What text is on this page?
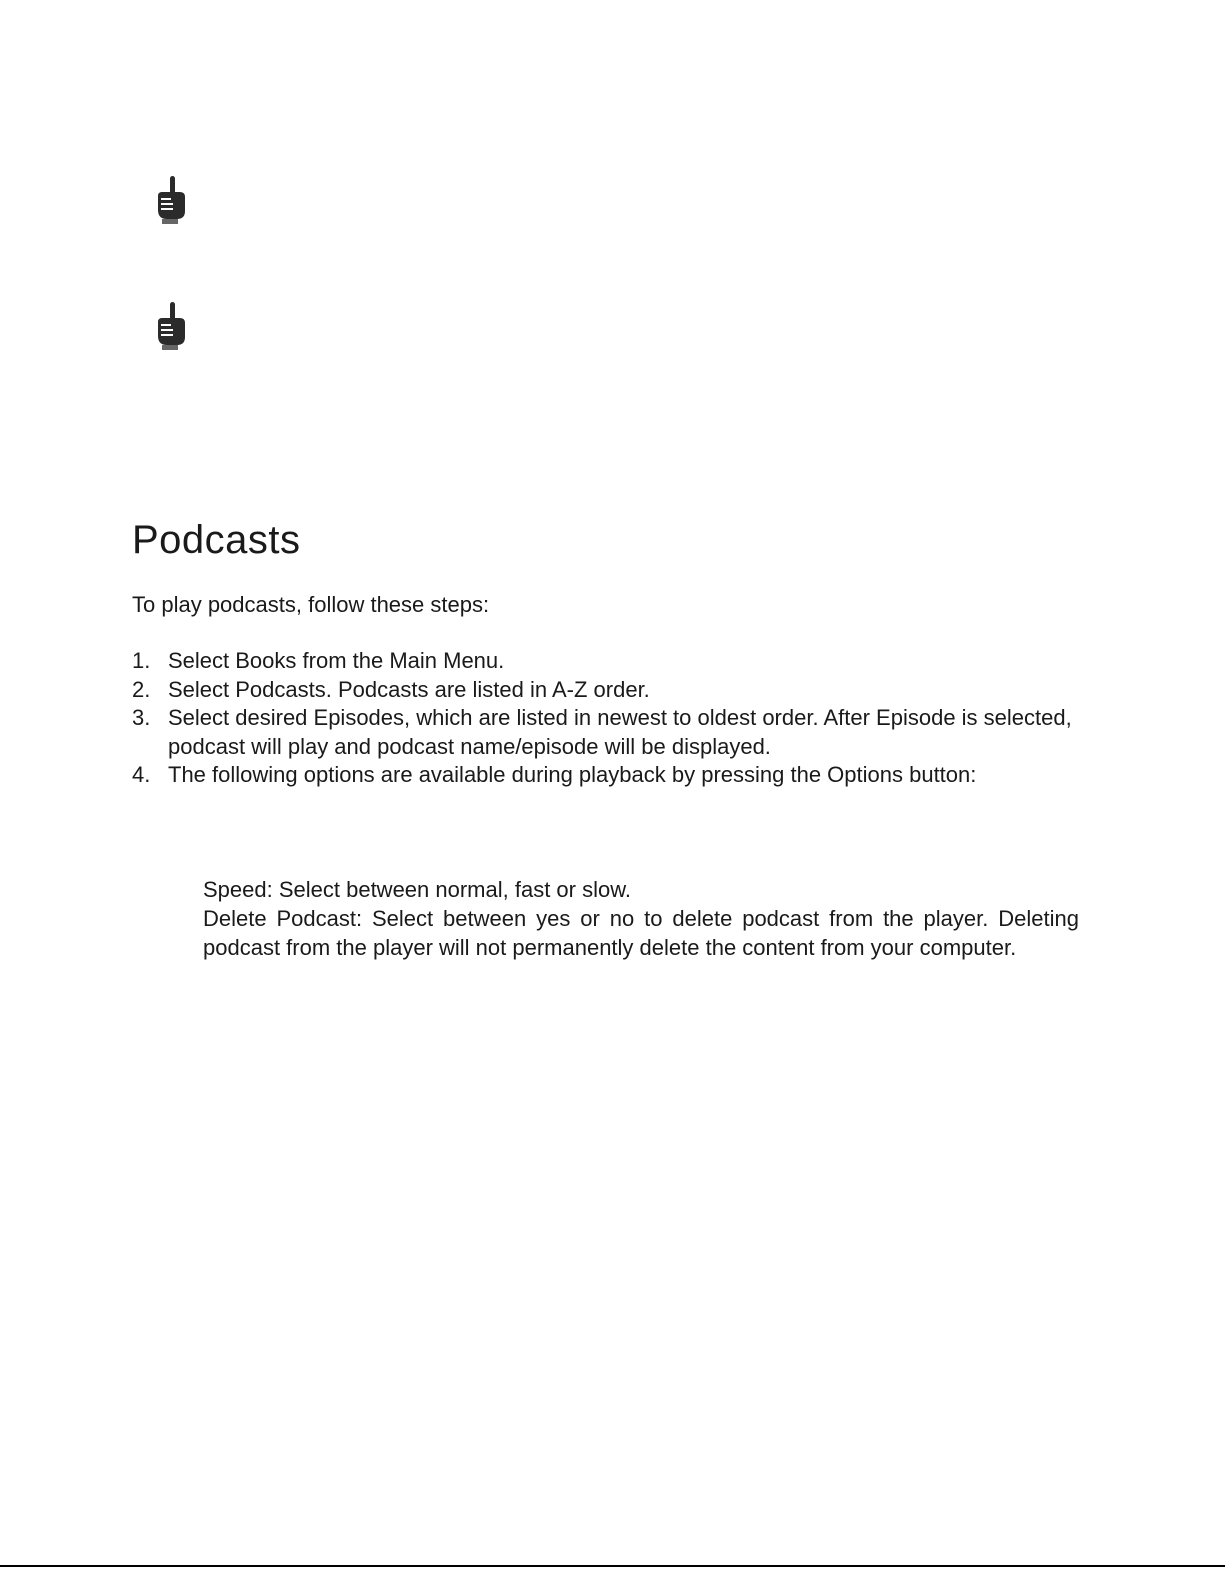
Podcasts

To play podcasts, follow these steps:

1. Select Books from the Main Menu.
2. Select Podcasts. Podcasts are listed in A-Z order.
3. Select desired Episodes, which are listed in newest to oldest order. After Episode is selected, podcast will play and podcast name/episode will be displayed.
4. The following options are available during playback by pressing the Options button:

Speed: Select between normal, fast or slow.

Delete Podcast: Select between yes or no to delete podcast from the player. Deleting podcast from the player will not permanently delete the content from your computer.
